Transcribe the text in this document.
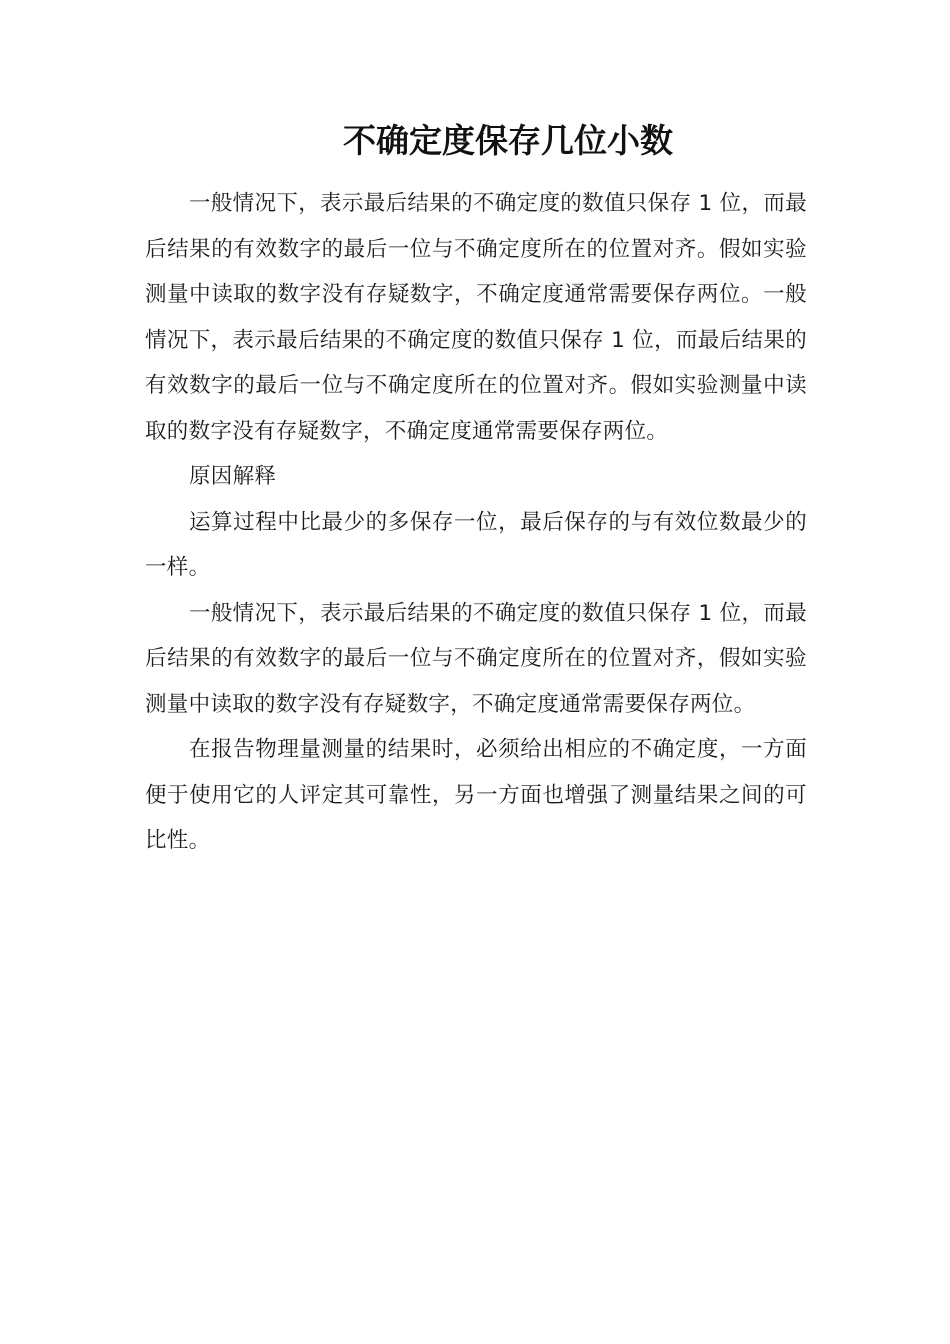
不确定度保存几位小数

一般情况下，表示最后结果的不确定度的数值只保存 1 位，而最后结果的有效数字的最后一位与不确定度所在的位置对齐。假如实验测量中读取的数字没有存疑数字，不确定度通常需要保存两位。一般情况下，表示最后结果的不确定度的数值只保存 1 位，而最后结果的有效数字的最后一位与不确定度所在的位置对齐。假如实验测量中读取的数字没有存疑数字，不确定度通常需要保存两位。

原因解释

运算过程中比最少的多保存一位，最后保存的与有效位数最少的一样。

一般情况下，表示最后结果的不确定度的数值只保存 1 位，而最后结果的有效数字的最后一位与不确定度所在的位置对齐，假如实验测量中读取的数字没有存疑数字，不确定度通常需要保存两位。

在报告物理量测量的结果时，必须给出相应的不确定度，一方面便于使用它的人评定其可靠性，另一方面也增强了测量结果之间的可比性。
